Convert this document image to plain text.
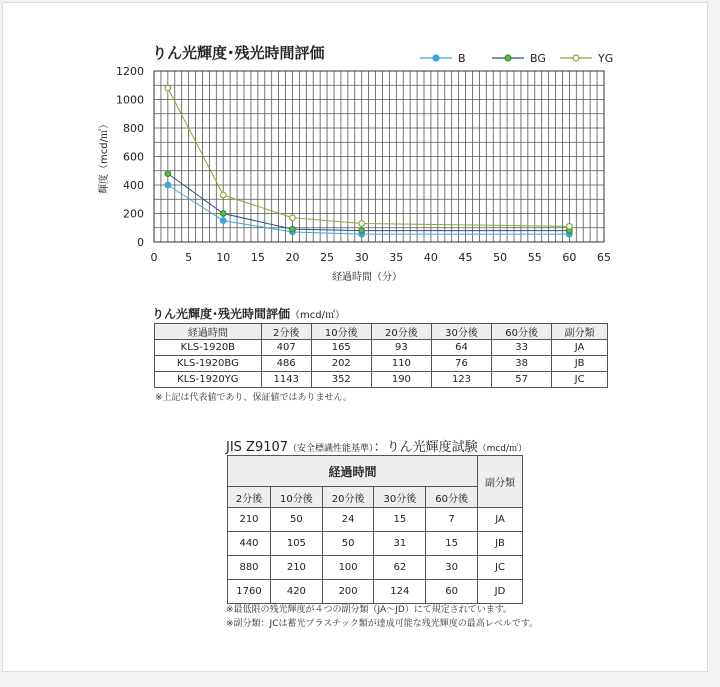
りん光輝度･残光時間評価
0	5 10 15 20 25 30 35 40 45 50 55 60 65
0
200
400
600
800
1000
1200
経過時間（分）
輝度（mcd/㎡）
B	BG	YG
りん光輝度･残光時間評価（mcd/㎡）
経過時間	2分後	10分後	20分後	30分後	60分後	副分類
KLS-1920B	407	165	93	64	33	JA
KLS-1920BG	486	202	110	76	38	JB
KLS-1920YG	1143	352	190	123	57	JC
※上記は代表値であり、保証値ではありません。
JIS Z9107（安全標識性能基準）：りん光輝度試験（mcd/㎡）
経過時間					副分類
2分後	10分後	20分後	30分後	60分後	
210	50	24	15	7	JA
440	105	50	31	15	JB
880	210	100	62	30	JC
1760	420	200	124	60	JD
※最低限の残光輝度が４つの副分類（JA～JD）にて規定されています。
※副分類：JCは蓄光プラスチック類が達成可能な残光輝度の最高レベルです。
